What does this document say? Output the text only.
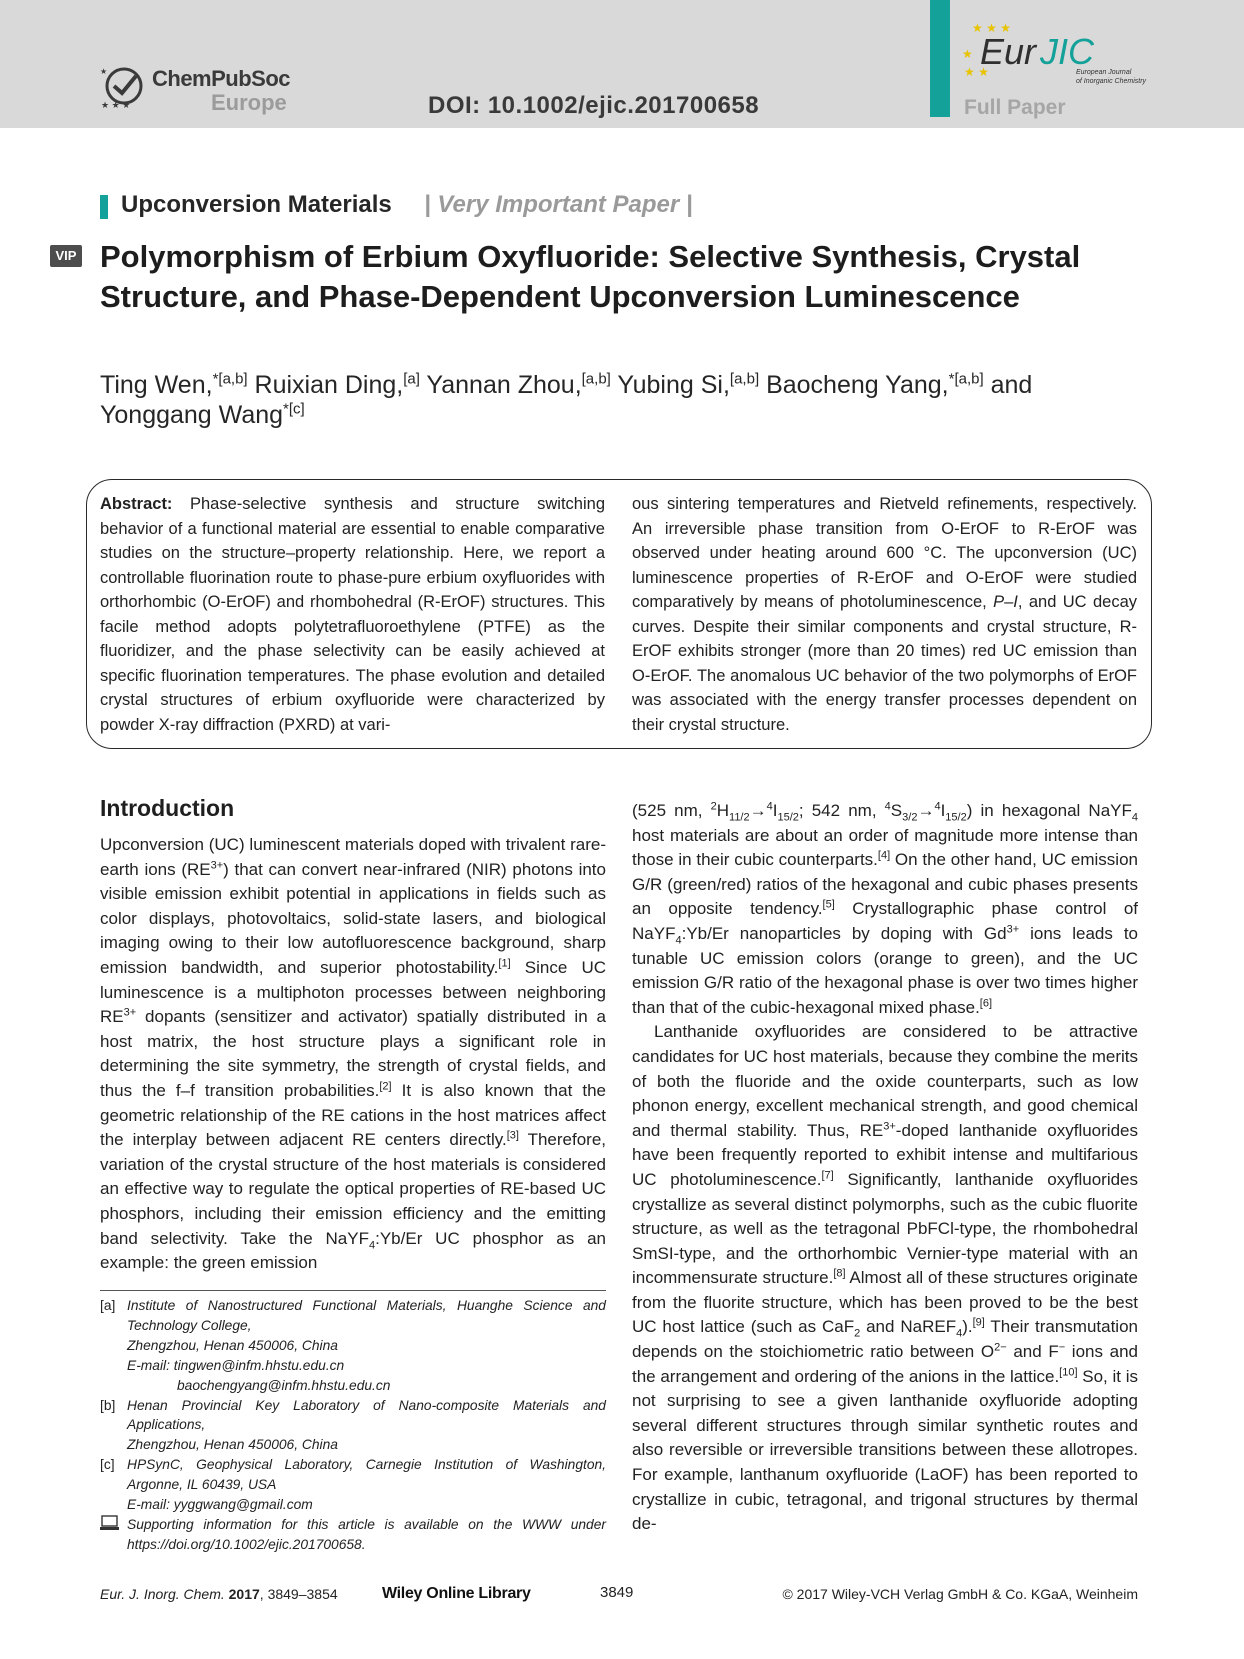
★ ★ ★
★ ChemPubSoc
Europe	DOI: 10.1002/ejic.201700658
★ ★ ★
★
★ ★
Eur JIC
European Journal
of Inorganic Chemistry
Full Paper
Upconversion Materials | Very Important Paper |
VIP Polymorphism of Erbium Oxyfluoride: Selective Synthesis, Crystal Structure, and Phase-Dependent Upconversion Luminescence
Ting Wen,$^{*[a,b]}$ Ruixian Ding,[a] Yannan Zhou,[a,b] Yubing Si,[a,b] Baocheng Yang,$^{*[a,b]}$ and Yonggang Wang$^{*[c]}$
Abstract: Phase-selective synthesis and structure switching behavior of a functional material are essential to enable comparative studies on the structure–property relationship. Here, we report a controllable fluorination route to phase-pure erbium oxyfluorides with orthorhombic (O-ErOF) and rhombohedral (R-ErOF) structures. This facile method adopts polytetrafluoroethylene (PTFE) as the fluoridizer, and the phase selectivity can be easily achieved at specific fluorination temperatures. The phase evolution and detailed crystal structures of erbium oxyfluoride were characterized by powder X-ray diffraction (PXRD) at vari-
ous sintering temperatures and Rietveld refinements, respectively. An irreversible phase transition from O-ErOF to R-ErOF was observed under heating around 600 °C. The upconversion (UC) luminescence properties of R-ErOF and O-ErOF were studied comparatively by means of photoluminescence, P–I, and UC decay curves. Despite their similar components and crystal structure, R-ErOF exhibits stronger (more than 20 times) red UC emission than O-ErOF. The anomalous UC behavior of the two polymorphs of ErOF was associated with the energy transfer processes dependent on their crystal structure.
Introduction

Upconversion (UC) luminescent materials doped with trivalent rare-earth ions $(RE^{3+})$ that can convert near-infrared (NIR) photons into visible emission exhibit potential in applications in fields such as color displays, photovoltaics, solid-state lasers, and biological imaging owing to their low autofluorescence background, sharp emission bandwidth, and superior photostability.[1] Since UC luminescence is a multiphoton processes between neighboring $RE^{3+}$ dopants (sensitizer and activator) spatially distributed in a host matrix, the host structure plays a significant role in determining the site symmetry, the strength of crystal fields, and thus the f–f transition probabilities.[2] It is also known that the geometric relationship of the RE cations in the host matrices affect the interplay between adjacent RE centers directly.[3] Therefore, variation of the crystal structure of the host materials is considered an effective way to regulate the optical properties of RE-based UC phosphors, including their emission efficiency and the emitting band selectivity. Take the NaYF$_4$:Yb/Er UC phosphor as an example: the green emission

(525 nm, $^2H_{11/2}\to^4I_{15/2}$; 542 nm, $^4S_{3/2}\to^4I_{15/2}$) in hexagonal NaYF$_4$ host materials are about an order of magnitude more intense than those in their cubic counterparts.[4] On the other hand, UC emission G/R (green/red) ratios of the hexagonal and cubic phases presents an opposite tendency.[5] Crystallographic phase control of NaYF$_4$:Yb/Er nanoparticles by doping with $Gd^{3+}$ ions leads to tunable UC emission colors (orange to green), and the UC emission G/R ratio of the hexagonal phase is over two times higher than that of the cubic-hexagonal mixed phase.[6]

Lanthanide oxyfluorides are considered to be attractive candidates for UC host materials, because they combine the merits of both the fluoride and the oxide counterparts, such as low phonon energy, excellent mechanical strength, and good chemical and thermal stability. Thus, $RE^{3+}$-doped lanthanide oxyfluorides have been frequently reported to exhibit intense and multifarious UC photoluminescence.[7] Significantly, lanthanide oxyfluorides crystallize as several distinct polymorphs, such as the cubic fluorite structure, as well as the tetragonal PbFCl-type, the rhombohedral SmSI-type, and the orthorhombic Vernier-type material with an incommensurate structure.[8] Almost all of these structures originate from the fluorite structure, which has been proved to be the best UC host lattice (such as CaF$_2$ and NaREF$_4$).[9] Their transmutation depends on the stoichiometric ratio between $O^{2-}$ and F− ions and the arrangement and ordering of the anions in the lattice.[10] So, it is not surprising to see a given lanthanide oxyfluoride adopting several different structures through similar synthetic routes and also reversible or irreversible transitions between these allotropes. For example, lanthanum oxyfluoride (LaOF) has been reported to crystallize in cubic, tetragonal, and trigonal structures by thermal de-

[a] Institute of Nanostructured Functional Materials, Huanghe Science and Technology College,
Zhengzhou, Henan 450006, China
E-mail: tingwen@infm.hhstu.edu.cn
baochengyang@infm.hhstu.edu.cn
[b] Henan Provincial Key Laboratory of Nano-composite Materials and Applications,
Zhengzhou, Henan 450006, China
[c] HPSynC, Geophysical Laboratory, Carnegie Institution of Washington, Argonne, IL 60439, USA
E-mail: yyggwang@gmail.com
Supporting information for this article is available on the WWW under https://doi.org/10.1002/ejic.201700658.
Eur. J. Inorg. Chem. 2017, 3849–3854	Wiley Online Library	3849	© 2017 Wiley-VCH Verlag GmbH & Co. KGaA, Weinheim
